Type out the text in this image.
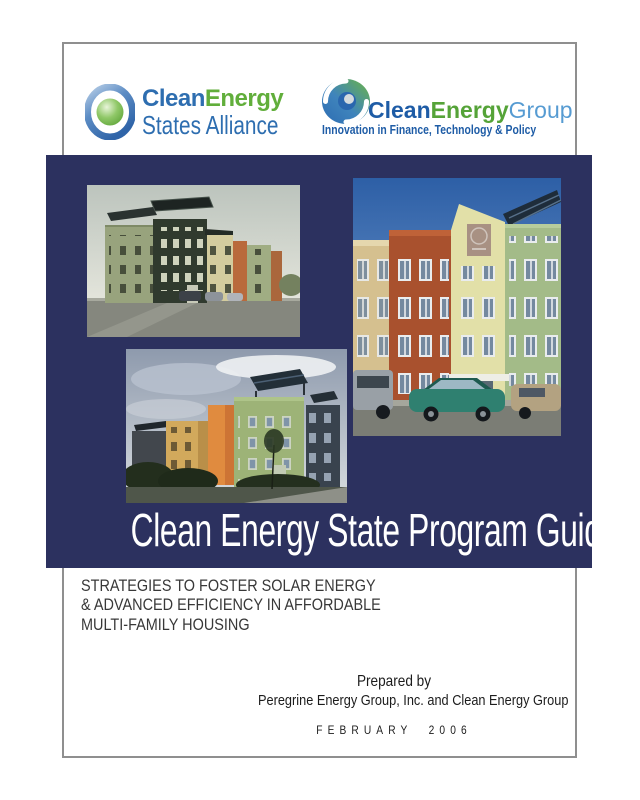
CleanEnergy
States Alliance	CleanEnergyGroup
Innovation in Finance, Technology & Policy
Clean Energy State Program Guide
STRATEGIES TO FOSTER SOLAR ENERGY
& ADVANCED EFFICIENCY IN AFFORDABLE
MULTI-FAMILY HOUSING
Prepared by
Peregrine Energy Group, Inc. and Clean Energy Group
FEBRUARY 2006
